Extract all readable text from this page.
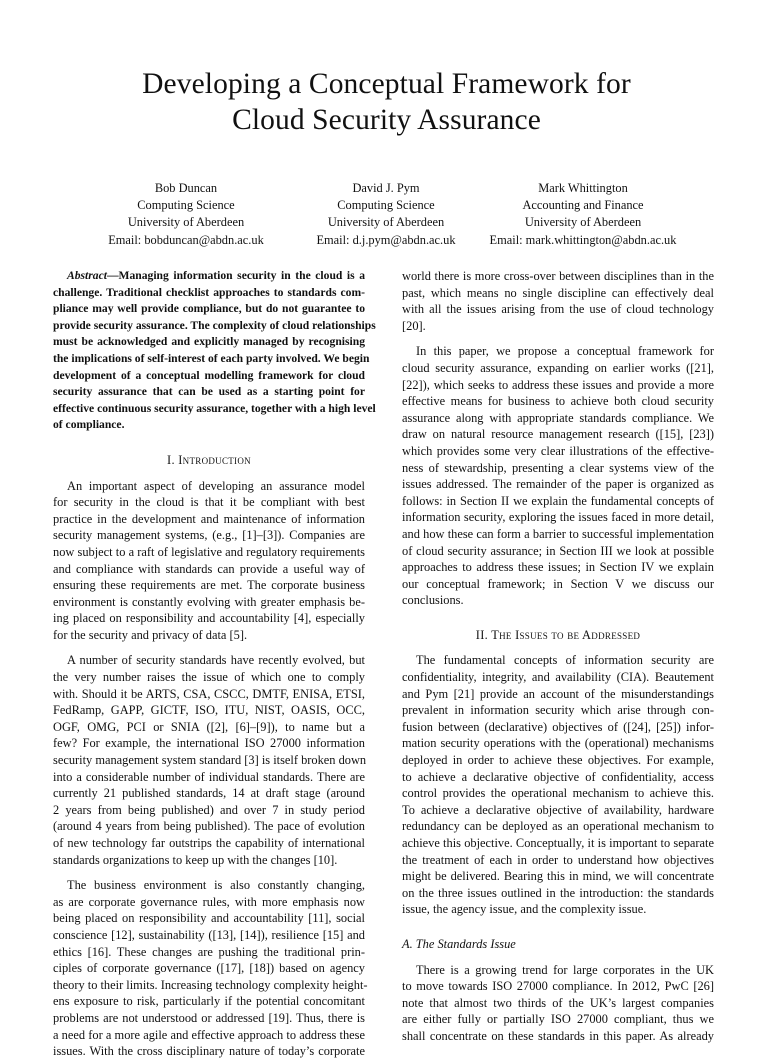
Developing a Conceptual Framework for
Cloud Security Assurance
Bob Duncan
Computing Science
University of Aberdeen
Email: bobduncan@abdn.ac.uk
David J. Pym
Computing Science
University of Aberdeen
Email: d.j.pym@abdn.ac.uk
Mark Whittington
Accounting and Finance
University of Aberdeen
Email: mark.whittington@abdn.ac.uk
Abstract—Managing information security in the cloud is a
challenge. Traditional checklist approaches to standards com-
pliance may well provide compliance, but do not guarantee to
provide security assurance. The complexity of cloud relationships
must be acknowledged and explicitly managed by recognising
the implications of self-interest of each party involved. We begin
development of a conceptual modelling framework for cloud
security assurance that can be used as a starting point for
effective continuous security assurance, together with a high level
of compliance.
I. Introduction
An important aspect of developing an assurance model
for security in the cloud is that it be compliant with best
practice in the development and maintenance of information
security management systems, (e.g., [1]–[3]). Companies are
now subject to a raft of legislative and regulatory requirements
and compliance with standards can provide a useful way of
ensuring these requirements are met. The corporate business
environment is constantly evolving with greater emphasis be-
ing placed on responsibility and accountability [4], especially
for the security and privacy of data [5].
A number of security standards have recently evolved, but
the very number raises the issue of which one to comply
with. Should it be ARTS, CSA, CSCC, DMTF, ENISA, ETSI,
FedRamp, GAPP, GICTF, ISO, ITU, NIST, OASIS, OCC,
OGF, OMG, PCI or SNIA ([2], [6]–[9]), to name but a
few? For example, the international ISO 27000 information
security management system standard [3] is itself broken down
into a considerable number of individual standards. There are
currently 21 published standards, 14 at draft stage (around
2 years from being published) and over 7 in study period
(around 4 years from being published). The pace of evolution
of new technology far outstrips the capability of international
standards organizations to keep up with the changes [10].
The business environment is also constantly changing,
as are corporate governance rules, with more emphasis now
being placed on responsibility and accountability [11], social
conscience [12], sustainability ([13], [14]), resilience [15] and
ethics [16]. These changes are pushing the traditional prin-
ciples of corporate governance ([17], [18]) based on agency
theory to their limits. Increasing technology complexity height-
ens exposure to risk, particularly if the potential concomitant
problems are not understood or addressed [19]. Thus, there is
a need for a more agile and effective approach to address these
issues. With the cross disciplinary nature of today’s corporate
world there is more cross-over between disciplines than in the
past, which means no single discipline can effectively deal
with all the issues arising from the use of cloud technology
[20].
In this paper, we propose a conceptual framework for
cloud security assurance, expanding on earlier works ([21],
[22]), which seeks to address these issues and provide a more
effective means for business to achieve both cloud security
assurance along with appropriate standards compliance. We
draw on natural resource management research ([15], [23])
which provides some very clear illustrations of the effective-
ness of stewardship, presenting a clear systems view of the
issues addressed. The remainder of the paper is organized as
follows: in Section II we explain the fundamental concepts of
information security, exploring the issues faced in more detail,
and how these can form a barrier to successful implementation
of cloud security assurance; in Section III we look at possible
approaches to address these issues; in Section IV we explain
our conceptual framework; in Section V we discuss our
conclusions.
II. The Issues to be Addressed
The fundamental concepts of information security are
confidentiality, integrity, and availability (CIA). Beautement
and Pym [21] provide an account of the misunderstandings
prevalent in information security which arise through con-
fusion between (declarative) objectives of ([24], [25]) infor-
mation security operations with the (operational) mechanisms
deployed in order to achieve these objectives. For example,
to achieve a declarative objective of confidentiality, access
control provides the operational mechanism to achieve this.
To achieve a declarative objective of availability, hardware
redundancy can be deployed as an operational mechanism to
achieve this objective. Conceptually, it is important to separate
the treatment of each in order to understand how objectives
might be delivered. Bearing this in mind, we will concentrate
on the three issues outlined in the introduction: the standards
issue, the agency issue, and the complexity issue.
A. The Standards Issue
There is a growing trend for large corporates in the UK
to move towards ISO 27000 compliance. In 2012, PwC [26]
note that almost two thirds of the UK’s largest companies
are either fully or partially ISO 27000 compliant, thus we
shall concentrate on these standards in this paper. As already
